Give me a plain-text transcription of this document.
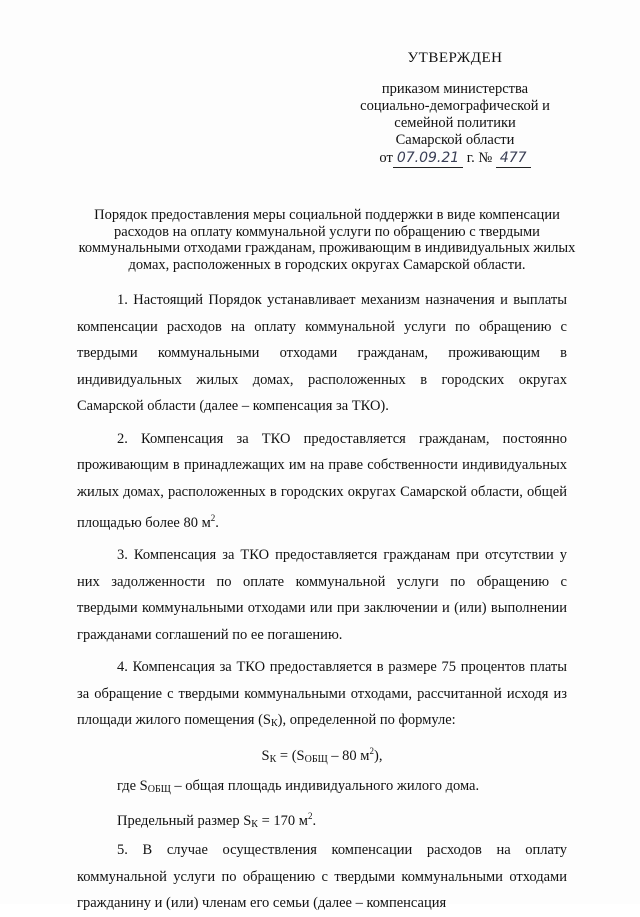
УТВЕРЖДЕН
приказом министерства
социально-демографической и
семейной политики
Самарской области
от 07.09.21 г. № 477
Порядок предоставления меры социальной поддержки в виде компенсации расходов на оплату коммунальной услуги по обращению с твердыми коммунальными отходами гражданам, проживающим в индивидуальных жилых домах, расположенных в городских округах Самарской области.

1. Настоящий Порядок устанавливает механизм назначения и выплаты компенсации расходов на оплату коммунальной услуги по обращению с твердыми коммунальными отходами гражданам, проживающим в индивидуальных жилых домах, расположенных в городских округах Самарской области (далее – компенсация за ТКО).

2. Компенсация за ТКО предоставляется гражданам, постоянно проживающим в принадлежащих им на праве собственности индивидуальных жилых домах, расположенных в городских округах Самарской области, общей площадью более 80 $м^2$.

3. Компенсация за ТКО предоставляется гражданам при отсутствии у них задолженности по оплате коммунальной услуги по обращению с твердыми коммунальными отходами или при заключении и (или) выполнении гражданами соглашений по ее погашению.

4. Компенсация за ТКО предоставляется в размере 75 процентов платы за обращение с твердыми коммунальными отходами, рассчитанной исходя из площади жилого помещения $(S_К)$, определенной по формуле:

$S_К = (S_{ОБЩ} - 80$ $м^2$),

где $S_{ОБЩ}$ – общая площадь индивидуального жилого дома.

Предельный размер $S_К = 170$ $м^2$.

5. В случае осуществления компенсации расходов на оплату коммунальной услуги по обращению с твердыми коммунальными отходами гражданину и (или) членам его семьи (далее – компенсация
